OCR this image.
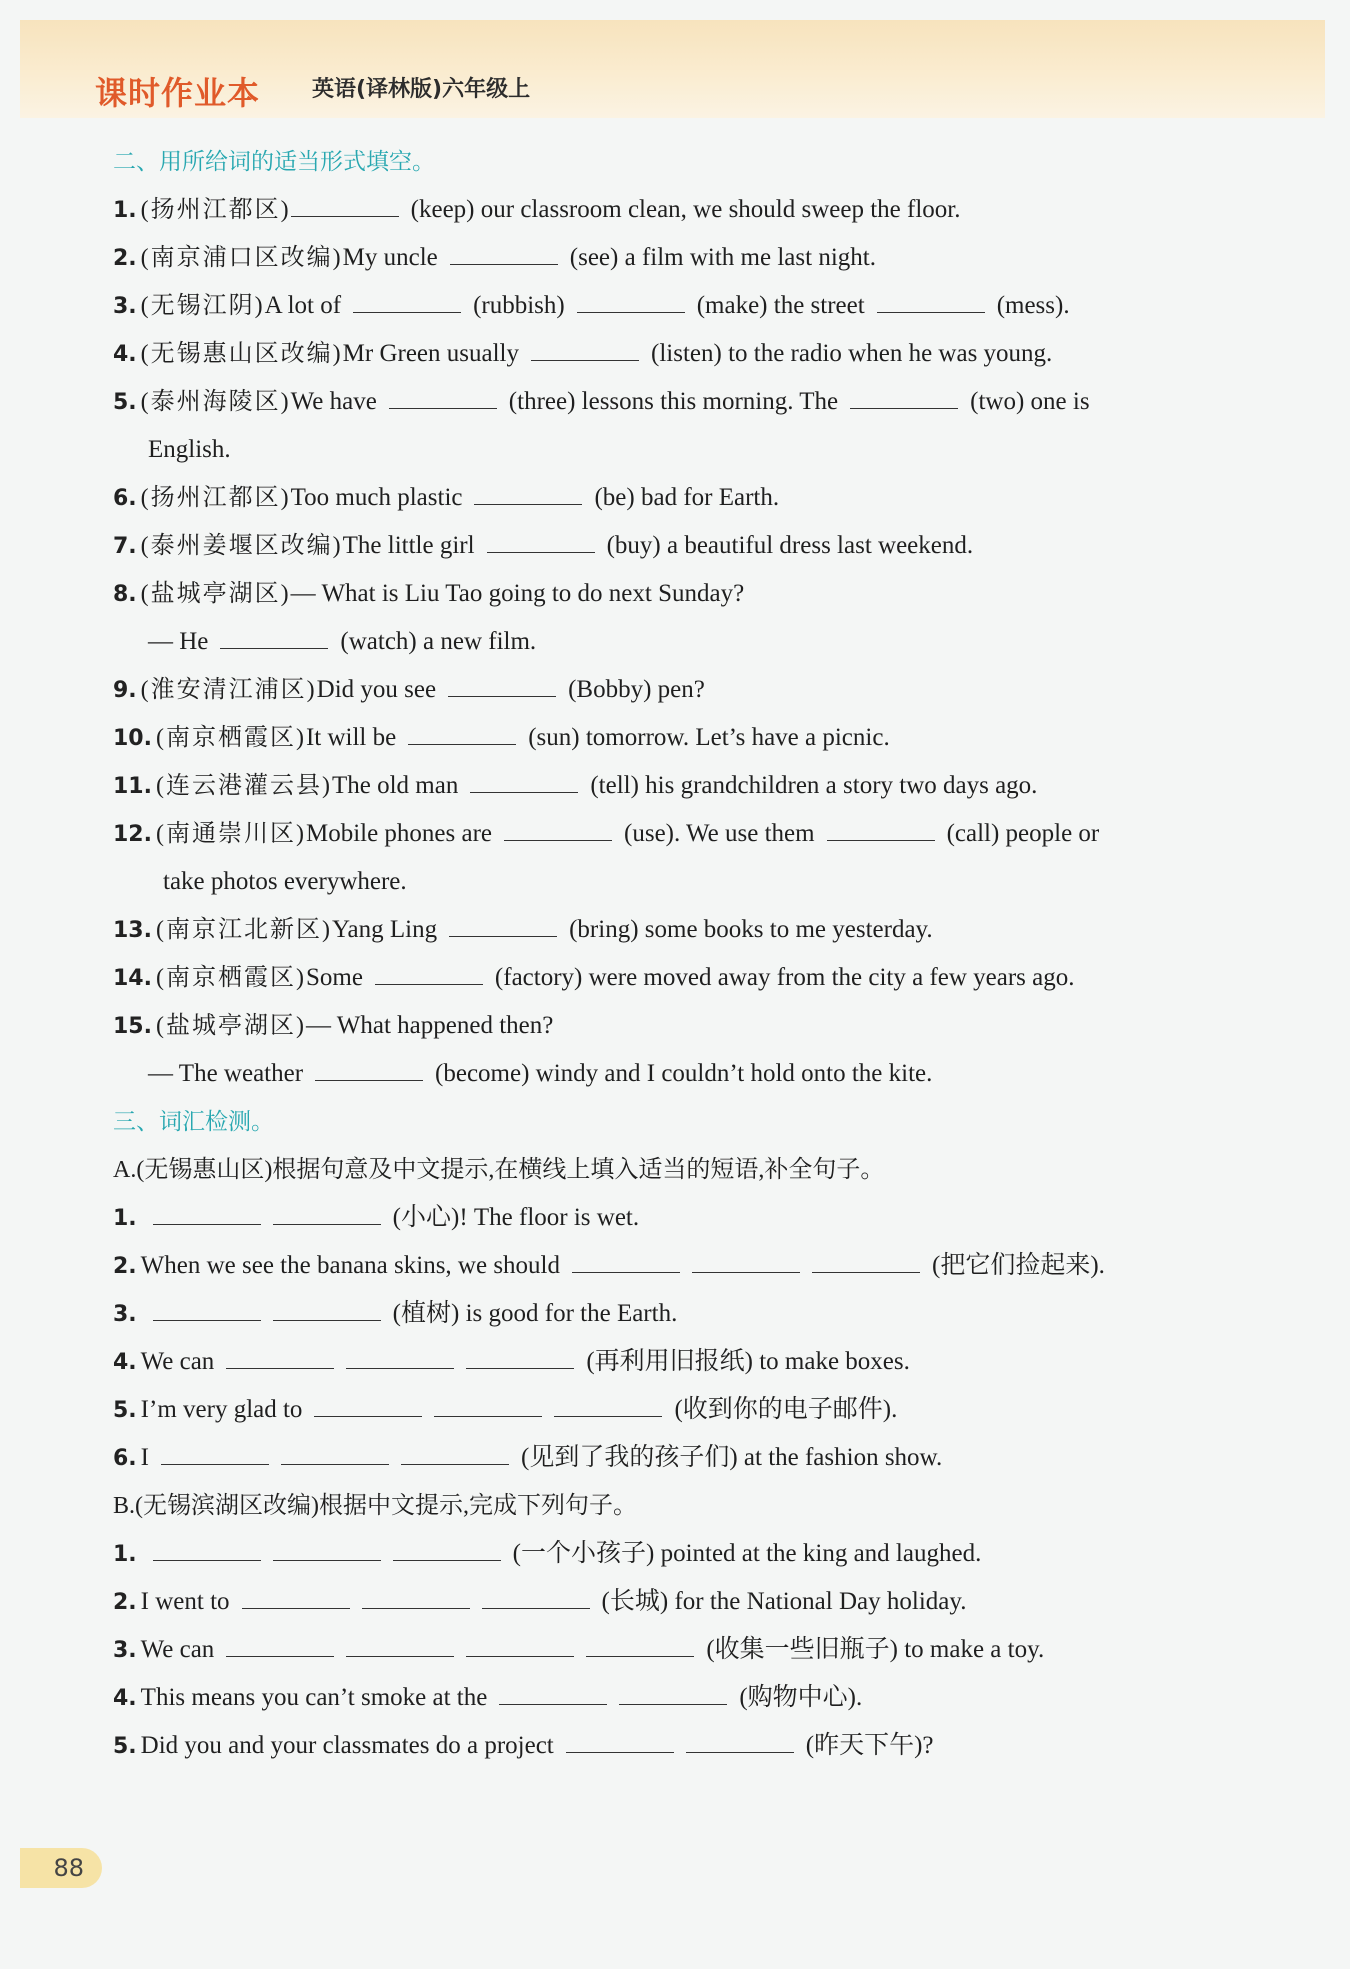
课时作业本 英语(译林版)六年级上
二、用所给词的适当形式填空。
1. (扬州江都区)	(keep) our classroom clean, we should sweep the floor.
2. (南京浦口区改编) My uncle	(see) a film with me last night.
3. (无锡江阴) A lot of	(rubbish)	(make) the street	(mess).
4. (无锡惠山区改编) Mr Green usually	(listen) to the radio when he was young.
5. (泰州海陵区) We have	(three) lessons this morning. The	(two) one is
English.
6. (扬州江都区) Too much plastic	(be) bad for Earth.
7. (泰州姜堰区改编) The little girl	(buy) a beautiful dress last weekend.
8. (盐城亭湖区) — What is Liu Tao going to do next Sunday?
— He	(watch) a new film.
9. (淮安清江浦区) Did you see	(Bobby) pen?
10. (南京栖霞区) It will be	(sun) tomorrow. Let’s have a picnic.
11. (连云港灌云县) The old man	(tell) his grandchildren a story two days ago.
12. (南通崇川区) Mobile phones are	(use). We use them	(call) people or
take photos everywhere.
13. (南京江北新区) Yang Ling	(bring) some books to me yesterday.
14. (南京栖霞区) Some	(factory) were moved away from the city a few years ago.
15. (盐城亭湖区) — What happened then?
— The weather	(become) windy and I couldn’t hold onto the kite.
三、词汇检测。
A.(无锡惠山区)根据句意及中文提示,在横线上填入适当的短语,补全句子。
1.	(小心)! The floor is wet.
2. When we see the banana skins, we should	(把它们捡起来).
3.	(植树) is good for the Earth.
4. We can	(再利用旧报纸) to make boxes.
5. I’m very glad to	(收到你的电子邮件).
6. I	(见到了我的孩子们) at the fashion show.
B.(无锡滨湖区改编)根据中文提示,完成下列句子。
1.	(一个小孩子) pointed at the king and laughed.
2. I went to	(长城) for the National Day holiday.
3. We can	(收集一些旧瓶子) to make a toy.
4. This means you can’t smoke at the	(购物中心).
5. Did you and your classmates do a project	(昨天下午)?
88
